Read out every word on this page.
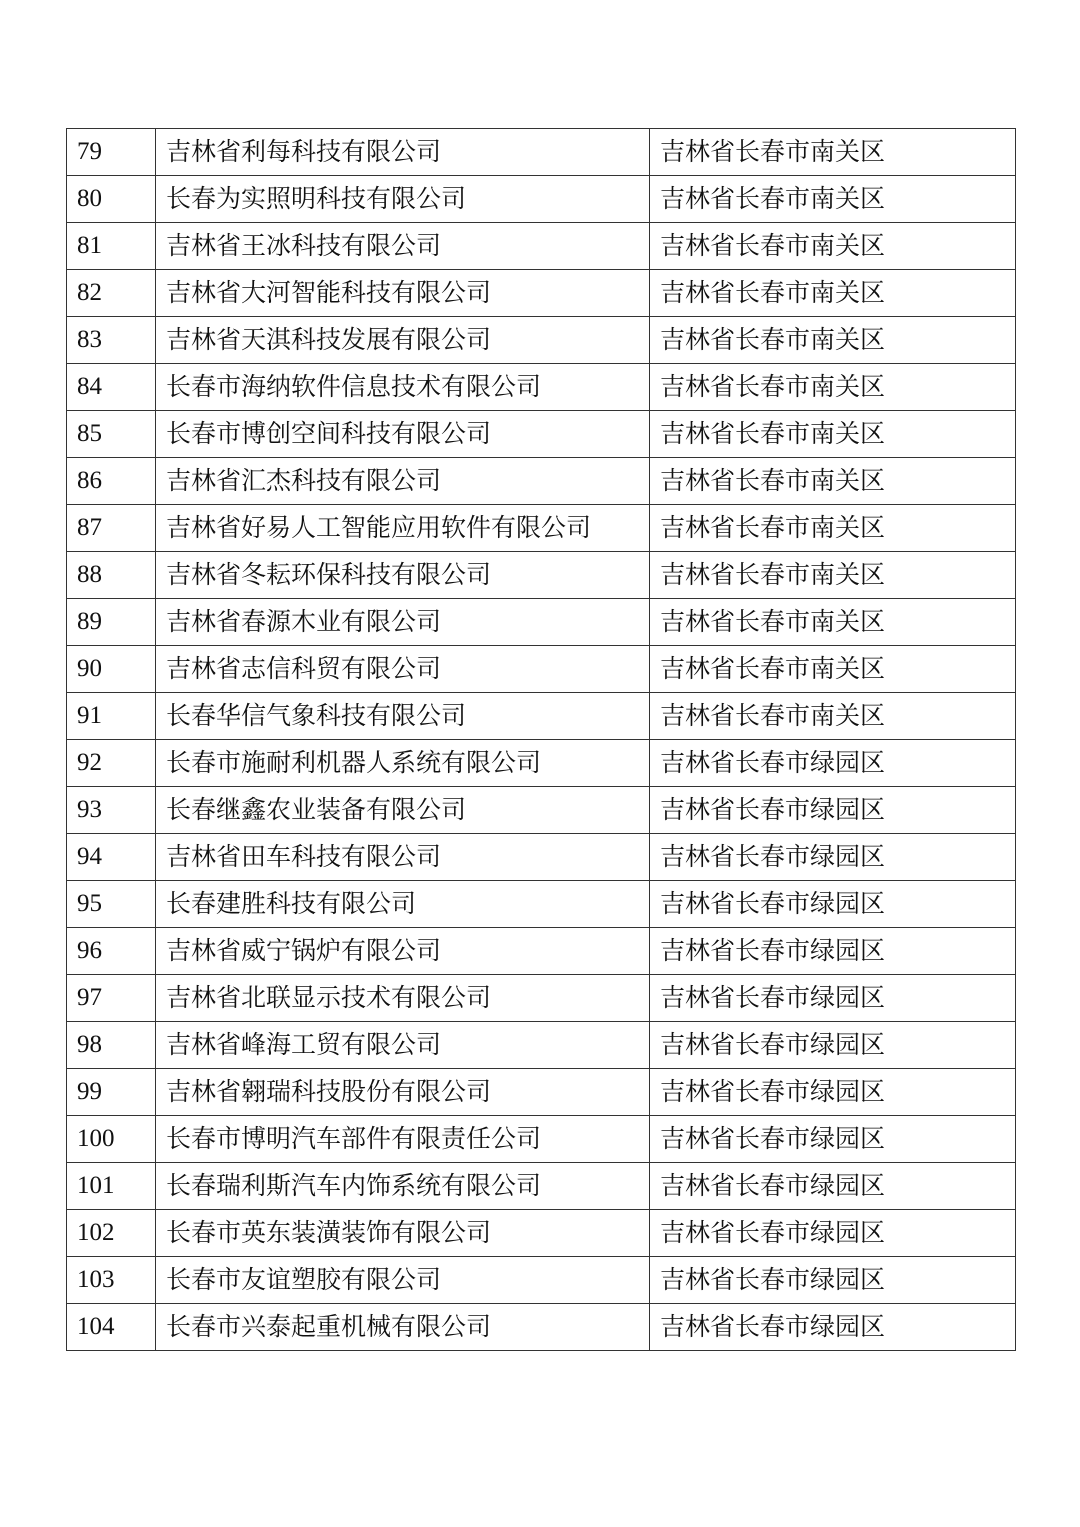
79	吉林省利每科技有限公司	吉林省长春市南关区
80	长春为实照明科技有限公司	吉林省长春市南关区
81	吉林省王冰科技有限公司	吉林省长春市南关区
82	吉林省大河智能科技有限公司	吉林省长春市南关区
83	吉林省天淇科技发展有限公司	吉林省长春市南关区
84	长春市海纳软件信息技术有限公司	吉林省长春市南关区
85	长春市博创空间科技有限公司	吉林省长春市南关区
86	吉林省汇杰科技有限公司	吉林省长春市南关区
87	吉林省好易人工智能应用软件有限公司	吉林省长春市南关区
88	吉林省冬耘环保科技有限公司	吉林省长春市南关区
89	吉林省春源木业有限公司	吉林省长春市南关区
90	吉林省志信科贸有限公司	吉林省长春市南关区
91	长春华信气象科技有限公司	吉林省长春市南关区
92	长春市施耐利机器人系统有限公司	吉林省长春市绿园区
93	长春继鑫农业装备有限公司	吉林省长春市绿园区
94	吉林省田车科技有限公司	吉林省长春市绿园区
95	长春建胜科技有限公司	吉林省长春市绿园区
96	吉林省威宁锅炉有限公司	吉林省长春市绿园区
97	吉林省北联显示技术有限公司	吉林省长春市绿园区
98	吉林省峰海工贸有限公司	吉林省长春市绿园区
99	吉林省翱瑞科技股份有限公司	吉林省长春市绿园区
100	长春市博明汽车部件有限责任公司	吉林省长春市绿园区
101	长春瑞利斯汽车内饰系统有限公司	吉林省长春市绿园区
102	长春市英东装潢装饰有限公司	吉林省长春市绿园区
103	长春市友谊塑胶有限公司	吉林省长春市绿园区
104	长春市兴泰起重机械有限公司	吉林省长春市绿园区
